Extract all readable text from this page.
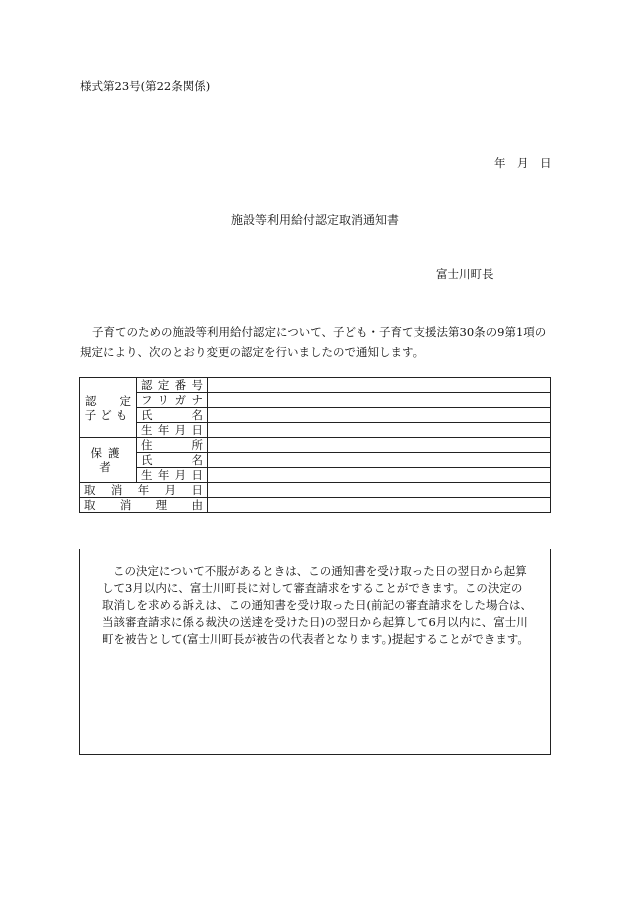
様式第23号(第22条関係)
年　月　日
施設等利用給付認定取消通知書
富士川町長
子育てのための施設等利用給付認定について、子ども・子育て支援法第30条の9第1項の規定により、次のとおり変更の認定を行いましたので通知します。
認　　定
子ども	認定番号	
	フリガナ	
	氏　名	
	生年月日	
保護者	住　所	
	氏　名	
	生年月日	
取消年月日		
取消理由		

この決定について不服があるときは、この通知書を受け取った日の翌日から起算して3月以内に、富士川町長に対して審査請求をすることができます。この決定の取消しを求める訴えは、この通知書を受け取った日(前記の審査請求をした場合は、当該審査請求に係る裁決の送達を受けた日)の翌日から起算して6月以内に、富士川町を被告として(富士川町長が被告の代表者となります。)提起することができます。
